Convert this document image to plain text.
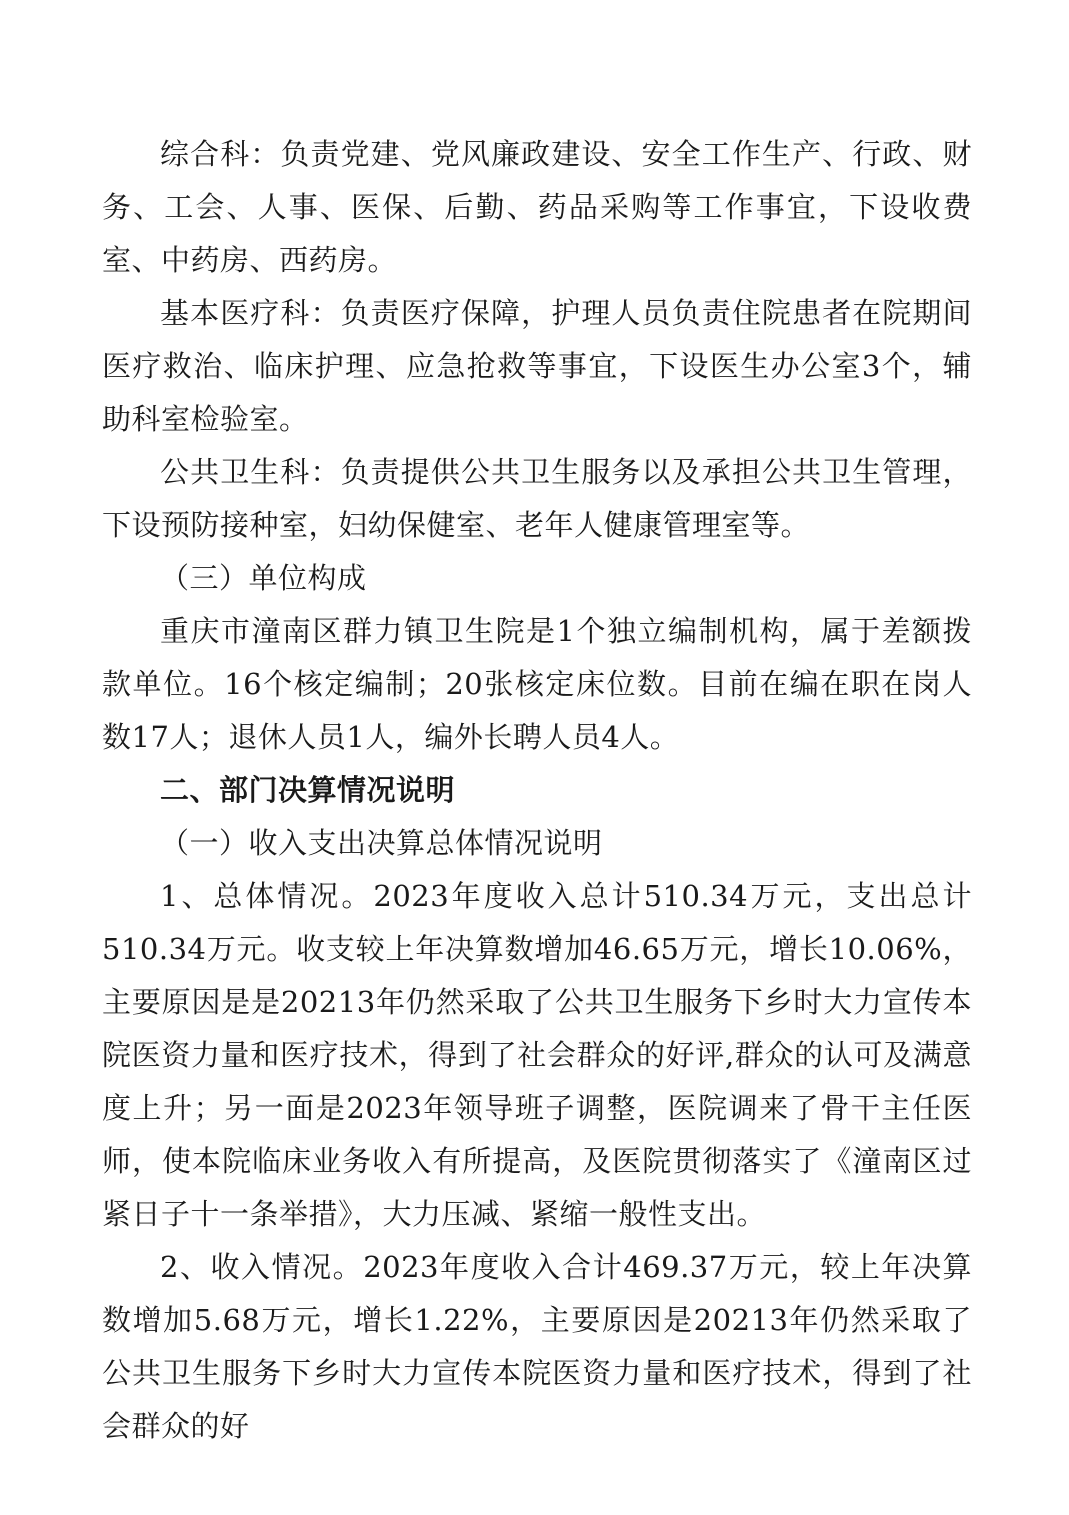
综合科：负责党建、党风廉政建设、安全工作生产、行政、财务、工会、人事、医保、后勤、药品采购等工作事宜，下设收费室、中药房、西药房。

基本医疗科：负责医疗保障，护理人员负责住院患者在院期间医疗救治、临床护理、应急抢救等事宜，下设医生办公室3个，辅助科室检验室。

公共卫生科：负责提供公共卫生服务以及承担公共卫生管理，下设预防接种室，妇幼保健室、老年人健康管理室等。

（三）单位构成

重庆市潼南区群力镇卫生院是1个独立编制机构，属于差额拨款单位。16个核定编制；20张核定床位数。目前在编在职在岗人数17人；退休人员1人，编外长聘人员4人。

二、部门决算情况说明

（一）收入支出决算总体情况说明

1、总体情况。2023年度收入总计510.34万元，支出总计510.34万元。收支较上年决算数增加46.65万元，增长10.06%，主要原因是是20213年仍然采取了公共卫生服务下乡时大力宣传本院医资力量和医疗技术，得到了社会群众的好评,群众的认可及满意度上升；另一面是2023年领导班子调整，医院调来了骨干主任医师，使本院临床业务收入有所提高，及医院贯彻落实了《潼南区过紧日子十一条举措》，大力压减、紧缩一般性支出。

2、收入情况。2023年度收入合计469.37万元，较上年决算数增加5.68万元，增长1.22%，主要原因是20213年仍然采取了公共卫生服务下乡时大力宣传本院医资力量和医疗技术，得到了社会群众的好
